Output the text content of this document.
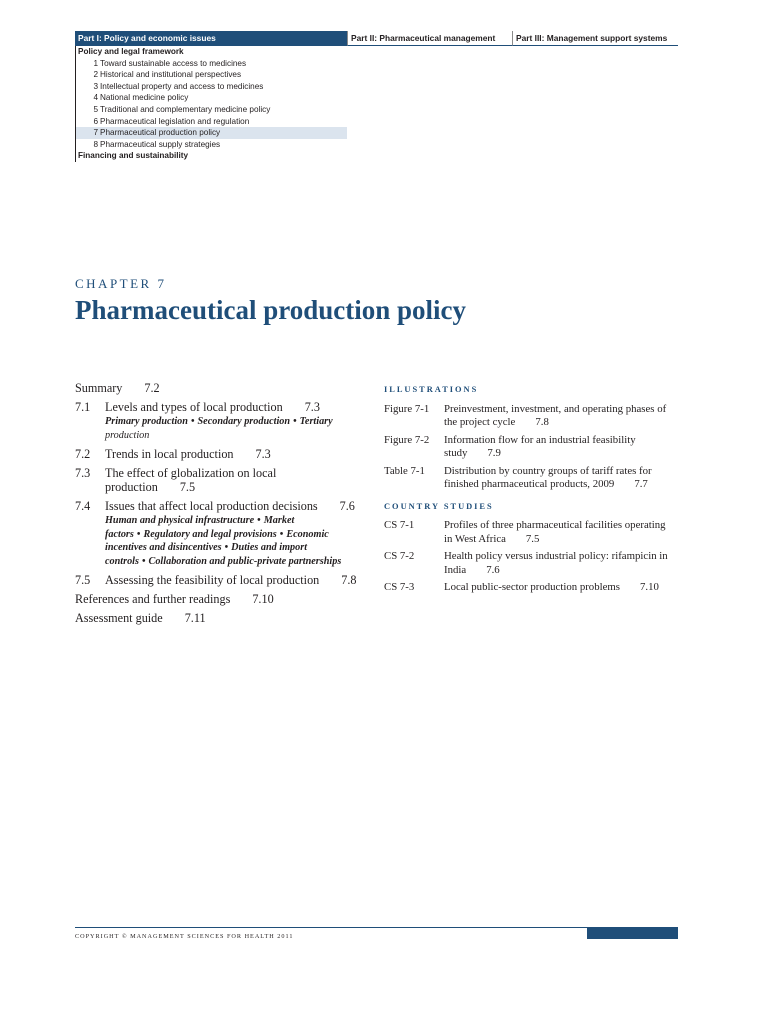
Part I: Policy and economic issues	Part II: Pharmaceutical management	Part III: Management support systems
Policy and legal framework
1 Toward sustainable access to medicines
2 Historical and institutional perspectives
3 Intellectual property and access to medicines
4 National medicine policy
5 Traditional and complementary medicine policy
6 Pharmaceutical legislation and regulation
7 Pharmaceutical production policy
8 Pharmaceutical supply strategies
Financing and sustainability
CHAPTER 7
Pharmaceutical production policy
Summary 7.2
7.1	Levels and types of local production 7.3
Primary production • Secondary production • Tertiary
production
7.2	Trends in local production 7.3
7.3	The effect of globalization on local
production 7.5
7.4	Issues that affect local production decisions 7.6
Human and physical infrastructure • Market
factors • Regulatory and legal provisions • Economic
incentives and disincentives • Duties and import
controls • Collaboration and public-private partnerships
7.5	Assessing the feasibility of local production 7.8
References and further readings 7.10
Assessment guide 7.11
ILLUSTRATIONS
Figure 7-1	Preinvestment, investment, and operating phases of
the project cycle 7.8
Figure 7-2	Information flow for an industrial feasibility
study 7.9
Table 7-1	Distribution by country groups of tariff rates for
finished pharmaceutical products, 2009 7.7
COUNTRY STUDIES
CS 7-1	Profiles of three pharmaceutical facilities operating
in West Africa 7.5
CS 7-2	Health policy versus industrial policy: rifampicin in
India 7.6
CS 7-3	Local public-sector production problems 7.10
COPYRIGHT © MANAGEMENT SCIENCES FOR HEALTH 2011
